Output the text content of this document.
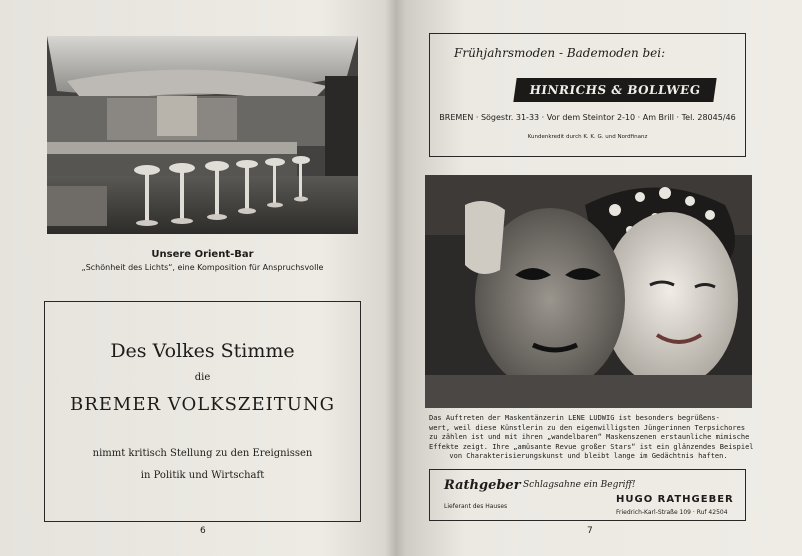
Unsere Orient-Bar
„Schönheit des Lichts“, eine Komposition für Anspruchsvolle
Des Volkes Stimme
die
BREMER VOLKSZEITUNG
nimmt kritisch Stellung zu den Ereignissen
in Politik und Wirtschaft
6
Frühjahrsmoden - Bademoden bei:
HINRICHS & BOLLWEG
BREMEN · Sögestr. 31-33 · Vor dem Steintor 2-10 · Am Brill · Tel. 28045/46
Kundenkredit durch K. K. G. und Nordfinanz
Das Auftreten der Maskentänzerin LENE LUDWIG ist besonders begrüßens-
wert, weil diese Künstlerin zu den eigenwilligsten Jüngerinnen Terpsichores
zu zählen ist und mit ihren „wandelbaren“ Maskenszenen erstaunliche mimische
Effekte zeigt. Ihre „amüsante Revue großer Stars“ ist ein glänzendes Beispiel
von Charakterisierungskunst und bleibt lange im Gedächtnis haften.
Rathgeber Schlagsahne ein Begriff!
Lieferant des Hauses
HUGO RATHGEBER
Friedrich-Karl-Straße 109 · Ruf 42504
7
